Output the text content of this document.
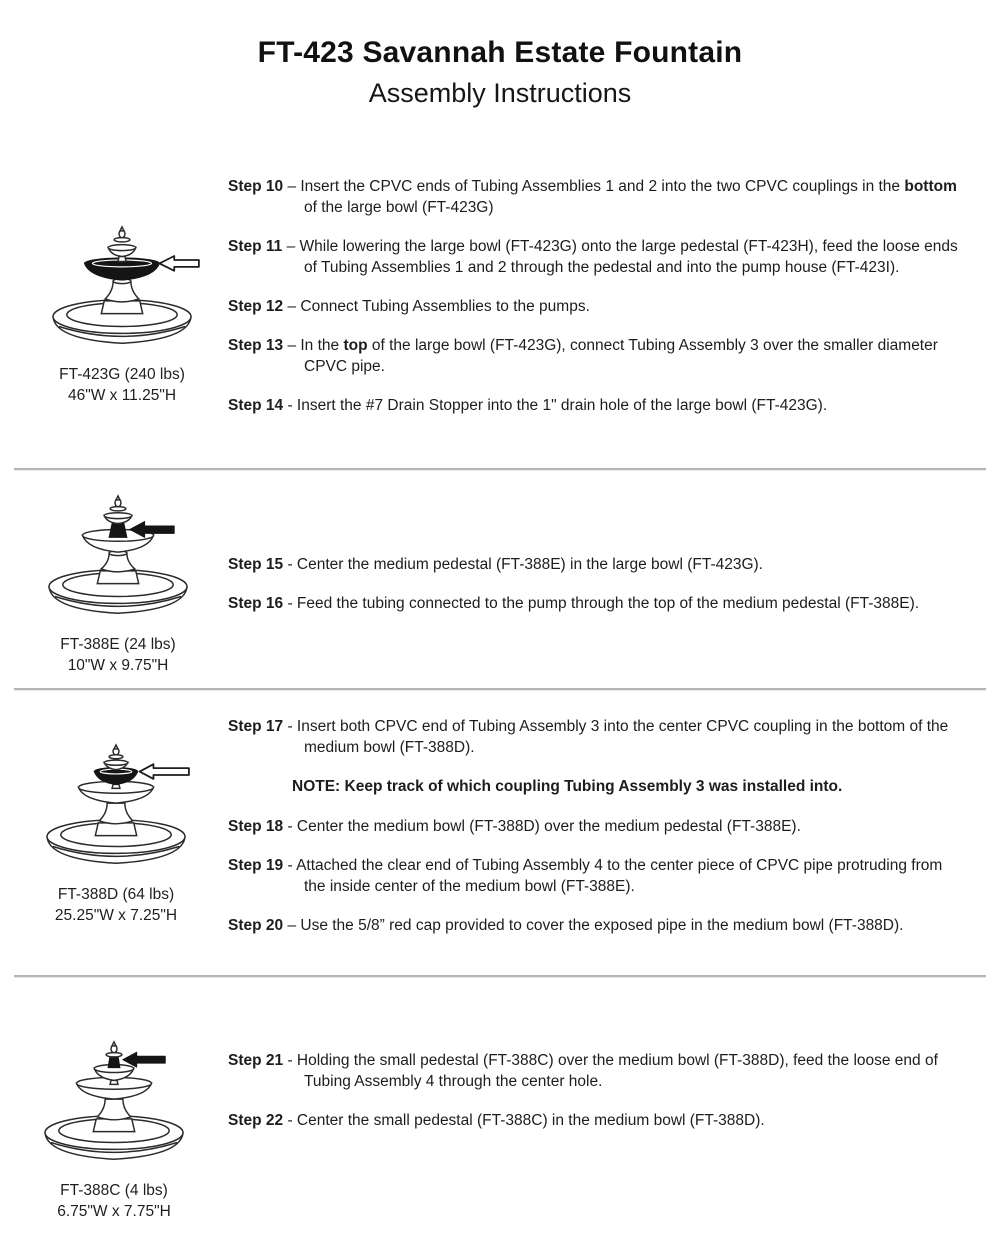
FT-423 Savannah Estate Fountain
Assembly Instructions
FT-423G (240 lbs)
46"W x 11.25"H

Step 10 – Insert the CPVC ends of Tubing Assemblies 1 and 2 into the two CPVC couplings in the bottom of the large bowl (FT-423G)

Step 11 – While lowering the large bowl (FT-423G) onto the large pedestal (FT-423H), feed the loose ends of Tubing Assemblies 1 and 2 through the pedestal and into the pump house (FT-423I).

Step 12 – Connect Tubing Assemblies to the pumps.

Step 13 – In the top of the large bowl (FT-423G), connect Tubing Assembly 3 over the smaller diameter CPVC pipe.

Step 14 - Insert the #7 Drain Stopper into the 1" drain hole of the large bowl (FT-423G).

FT-388E (24 lbs)
10"W x 9.75"H

Step 15 - Center the medium pedestal (FT-388E) in the large bowl (FT-423G).

Step 16 - Feed the tubing connected to the pump through the top of the medium pedestal (FT-388E).

FT-388D (64 lbs)
25.25"W x 7.25"H

Step 17 - Insert both CPVC end of Tubing Assembly 3 into the center CPVC coupling in the bottom of the medium bowl (FT-388D).

NOTE: Keep track of which coupling Tubing Assembly 3 was installed into.

Step 18 - Center the medium bowl (FT-388D) over the medium pedestal (FT-388E).

Step 19 - Attached the clear end of Tubing Assembly 4 to the center piece of CPVC pipe protruding from the inside center of the medium bowl (FT-388E).

Step 20 – Use the 5/8” red cap provided to cover the exposed pipe in the medium bowl (FT-388D).

FT-388C (4 lbs)
6.75"W x 7.75"H

Step 21 - Holding the small pedestal (FT-388C) over the medium bowl (FT-388D), feed the loose end of Tubing Assembly 4 through the center hole.

Step 22 - Center the small pedestal (FT-388C) in the medium bowl (FT-388D).
